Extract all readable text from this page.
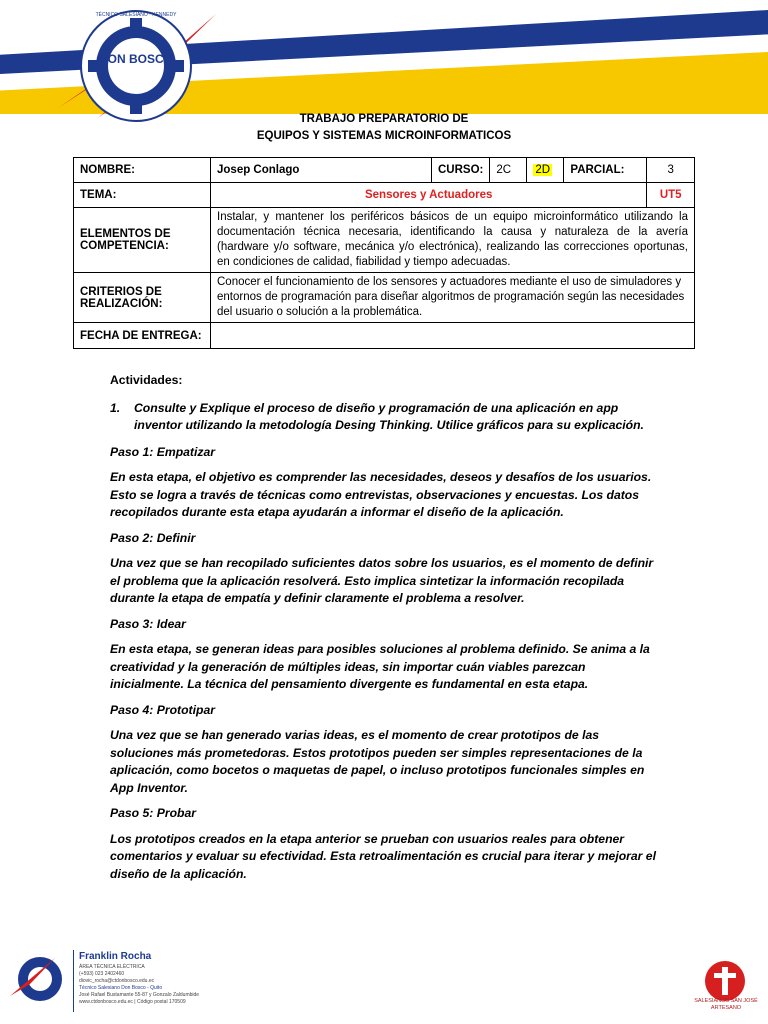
DON BOSCO
TÉCNICO SALESIANO · KENNEDY
TRABAJO PREPARATORIO DE
EQUIPOS Y SISTEMAS MICROINFORMATICOS
NOMBRE:	Josep Conlago	CURSO:	2C	2D	PARCIAL:	3
TEMA:	Sensores y Actuadores					UT5
ELEMENTOS DE COMPETENCIA:	Instalar, y mantener los periféricos básicos de un equipo microinformático utilizando la documentación técnica necesaria, identificando la causa y naturaleza de la avería (hardware y/o software, mecánica y/o electrónica), realizando las correcciones oportunas, en condiciones de calidad, fiabilidad y tiempo adecuadas.					
CRITERIOS DE REALIZACIÓN:	Conocer el funcionamiento de los sensores y actuadores mediante el uso de simuladores y entornos de programación para diseñar algoritmos de programación según las necesidades del usuario o solución a la problemática.					
FECHA DE ENTREGA:						

Actividades:

1.	Consulte y Explique el proceso de diseño y programación de una aplicación en app inventor utilizando la metodología Desing Thinking. Utilice gráficos para su explicación.

Paso 1: Empatizar

En esta etapa, el objetivo es comprender las necesidades, deseos y desafíos de los usuarios. Esto se logra a través de técnicas como entrevistas, observaciones y encuestas. Los datos recopilados durante esta etapa ayudarán a informar el diseño de la aplicación.

Paso 2: Definir

Una vez que se han recopilado suficientes datos sobre los usuarios, es el momento de definir el problema que la aplicación resolverá. Esto implica sintetizar la información recopilada durante la etapa de empatía y definir claramente el problema a resolver.

Paso 3: Idear

En esta etapa, se generan ideas para posibles soluciones al problema definido. Se anima a la creatividad y la generación de múltiples ideas, sin importar cuán viables parezcan inicialmente. La técnica del pensamiento divergente es fundamental en esta etapa.

Paso 4: Prototipar

Una vez que se han generado varias ideas, es el momento de crear prototipos de las soluciones más prometedoras. Estos prototipos pueden ser simples representaciones de la aplicación, como bocetos o maquetas de papel, o incluso prototipos funcionales simples en App Inventor.

Paso 5: Probar

Los prototipos creados en la etapa anterior se prueban con usuarios reales para obtener comentarios y evaluar su efectividad. Esta retroalimentación es crucial para iterar y mejorar el diseño de la aplicación.

Franklin Rocha
ÁREA TÉCNICA ELÉCTRICA
(+593) 023 2402460
diovic_rocha@ctdonbosco.edu.ec
Técnico Salesiano Don Bosco - Quito
José Rafael Bustamante 55-87 y Gonzalo Zaldumbide
www.ctdonbosco.edu.ec | Código postal 170509	SALESIANOS SAN JOSÉ ARTESANO
